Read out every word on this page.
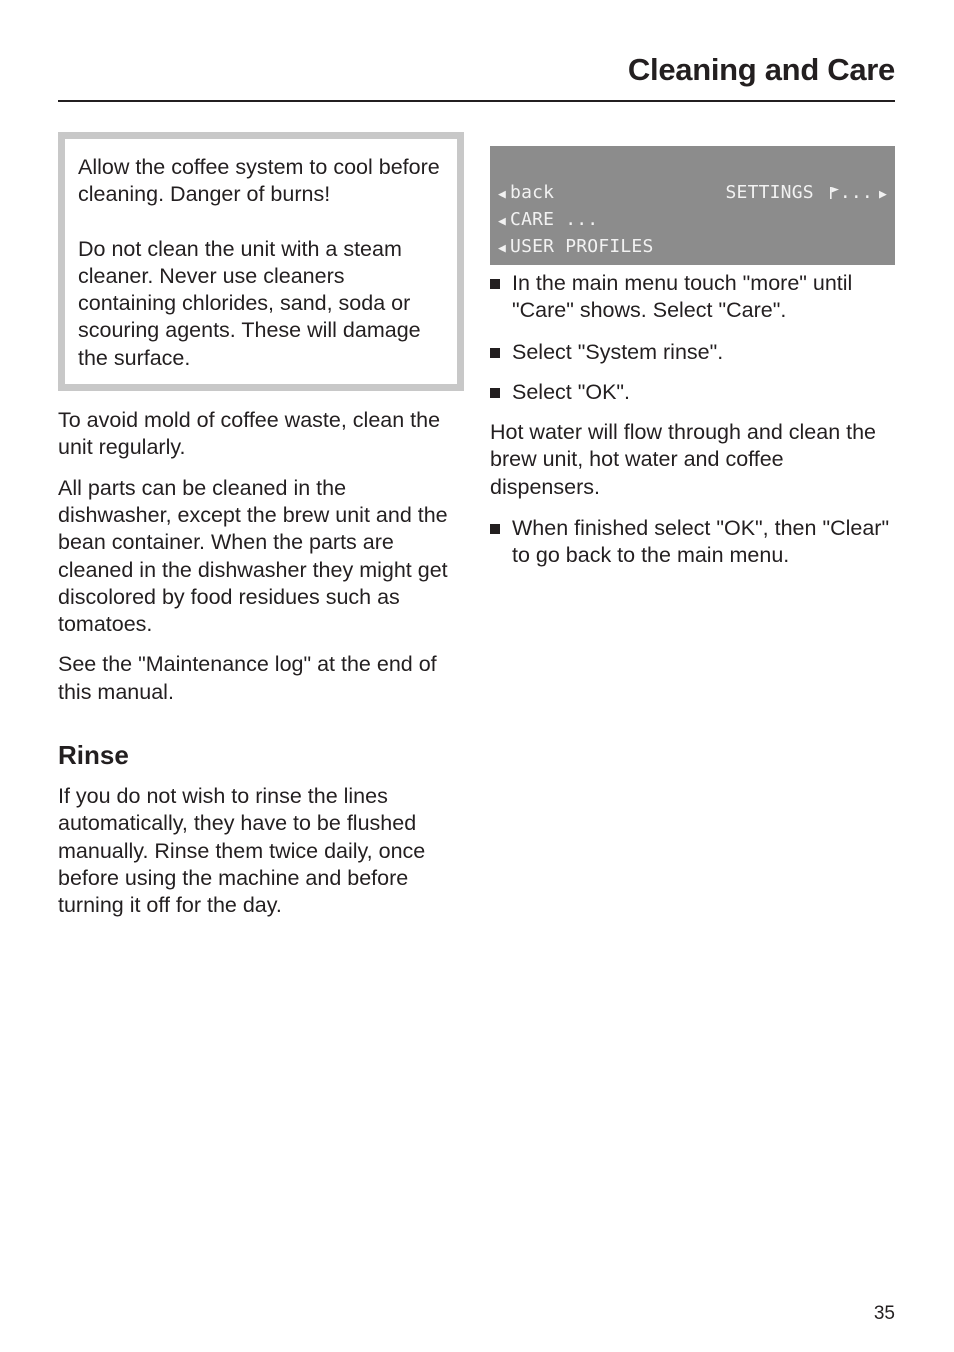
Cleaning and Care

Allow the coffee system to cool before cleaning. Danger of burns!

Do not clean the unit with a steam cleaner. Never use cleaners containing chlorides, sand, soda or scouring agents. These will damage the surface.

To avoid mold of coffee waste, clean the unit regularly.

All parts can be cleaned in the dishwasher, except the brew unit and the bean container. When the parts are cleaned in the dishwasher they might get discolored by food residues such as tomatoes.

See the "Maintenance log" at the end of this manual.

Rinse

If you do not wish to rinse the lines automatically, they have to be flushed manually. Rinse them twice daily, once before using the machine and before turning it off for the day.

◀ back	SETTINGS ... ▶
◀ CARE ...
◀ USER PROFILES
In the main menu touch "more" until "Care" shows. Select "Care".
Select "System rinse".
Select "OK".

Hot water will flow through and clean the brew unit, hot water and coffee dispensers.

When finished select "OK", then "Clear" to go back to the main menu.
35
